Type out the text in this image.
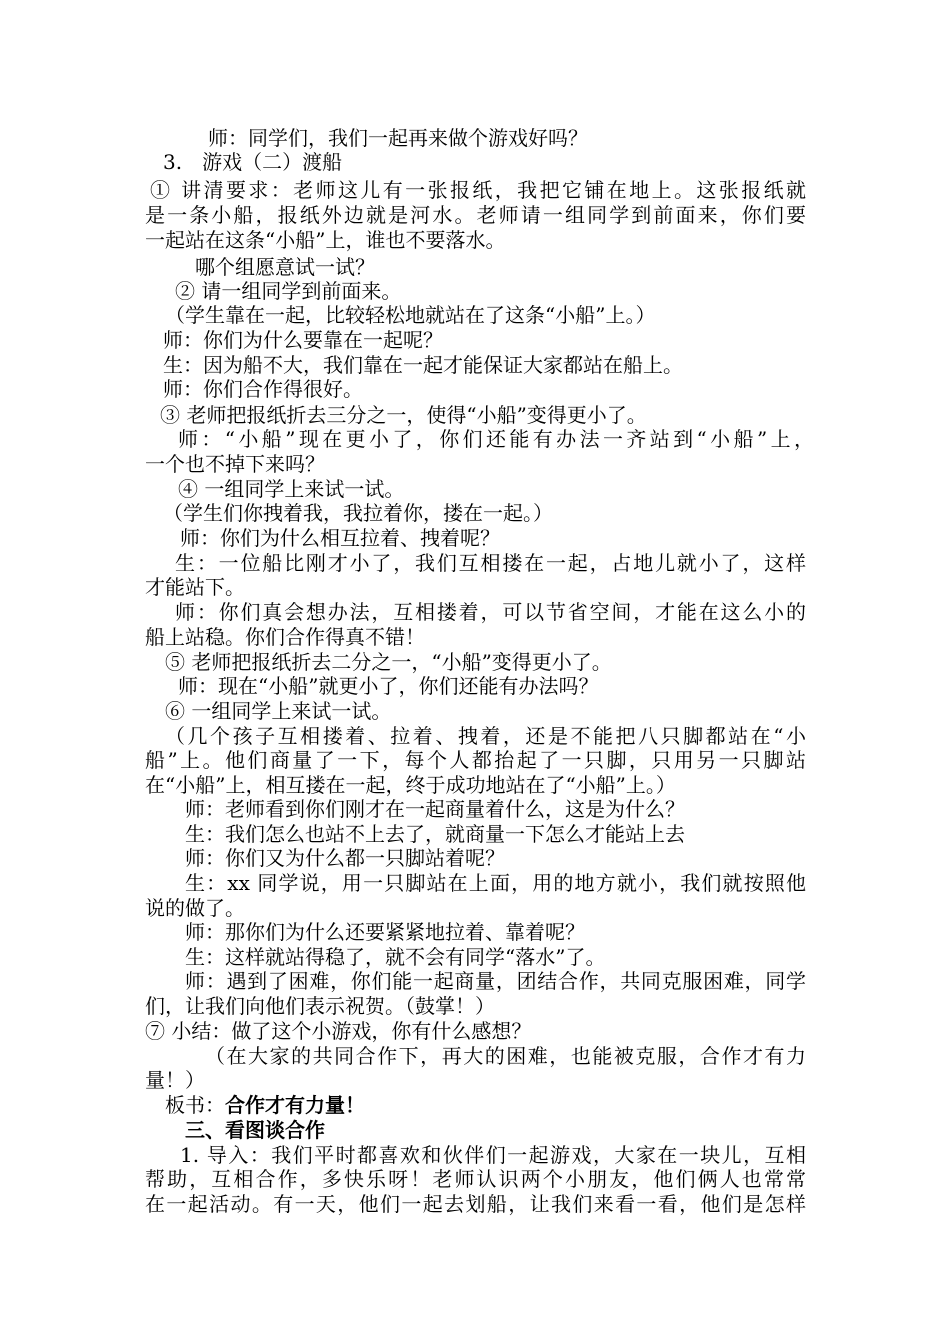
师：同学们，我们一起再来做个游戏好吗？
3.　游戏（二）渡船
① 讲清要求：老师这儿有一张报纸，我把它铺在地上。这张报纸就
是一条小船，报纸外边就是河水。老师请一组同学到前面来，你们要
一起站在这条“小船”上，谁也不要落水。
哪个组愿意试一试？
② 请一组同学到前面来。
（学生靠在一起，比较轻松地就站在了这条“小船”上。）
师：你们为什么要靠在一起呢？
生：因为船不大，我们靠在一起才能保证大家都站在船上。
师：你们合作得很好。
③ 老师把报纸折去三分之一，使得“小船”变得更小了。
师：“小船”现在更小了，你们还能有办法一齐站到“小船”上，
一个也不掉下来吗？
④ 一组同学上来试一试。
（学生们你拽着我，我拉着你，搂在一起。）
师：你们为什么相互拉着、拽着呢？
生：一位船比刚才小了，我们互相搂在一起，占地儿就小了，这样
才能站下。
师：你们真会想办法，互相搂着，可以节省空间，才能在这么小的
船上站稳。你们合作得真不错！
⑤ 老师把报纸折去二分之一，“小船”变得更小了。
师：现在“小船”就更小了，你们还能有办法吗？
⑥ 一组同学上来试一试。
（几个孩子互相搂着、拉着、拽着，还是不能把八只脚都站在“小
船”上。他们商量了一下，每个人都抬起了一只脚，只用另一只脚站
在“小船”上，相互搂在一起，终于成功地站在了“小船”上。）
师：老师看到你们刚才在一起商量着什么，这是为什么？
生：我们怎么也站不上去了，就商量一下怎么才能站上去
师：你们又为什么都一只脚站着呢？
生：xx 同学说，用一只脚站在上面，用的地方就小，我们就按照他
说的做了。
师：那你们为什么还要紧紧地拉着、靠着呢？
生：这样就站得稳了，就不会有同学“落水”了。
师：遇到了困难，你们能一起商量，团结合作，共同克服困难，同学
们，让我们向他们表示祝贺。（鼓掌！）
⑦ 小结：做了这个小游戏，你有什么感想？
（在大家的共同合作下，再大的困难，也能被克服，合作才有力
量！）
板书：合作才有力量！
三、看图谈合作
1. 导入：我们平时都喜欢和伙伴们一起游戏，大家在一块儿，互相
帮助，互相合作，多快乐呀！老师认识两个小朋友，他们俩人也常常
在一起活动。有一天，他们一起去划船，让我们来看一看，他们是怎样
